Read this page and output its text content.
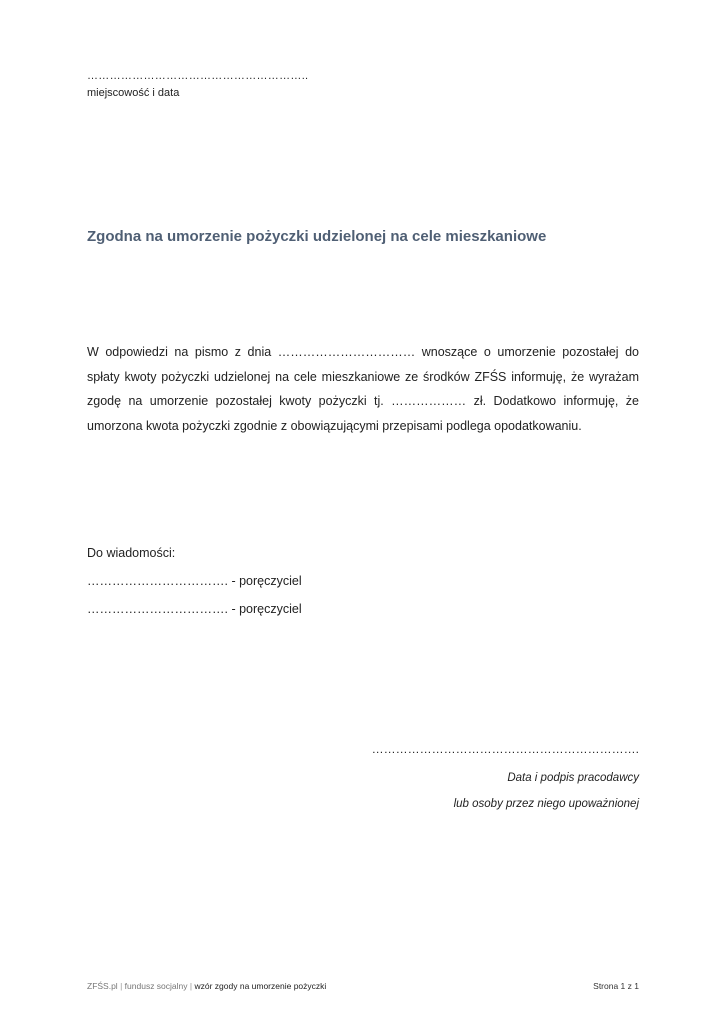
…………………………………………………..
miejscowość i data
Zgodna na umorzenie pożyczki udzielonej na cele mieszkaniowe

W odpowiedzi na pismo z dnia …………………………… wnoszące o umorzenie pozostałej do spłaty kwoty pożyczki udzielonej na cele mieszkaniowe ze środków ZFŚS informuję, że wyrażam zgodę na umorzenie pozostałej kwoty pożyczki tj. ……………… zł. Dodatkowo informuję, że umorzona kwota pożyczki zgodnie z obowiązującymi przepisami podlega opodatkowaniu.

Do wiadomości:
……………………………. - poręczyciel
……………………………. - poręczyciel
………………………………………………………….
Data i podpis pracodawcy
lub osoby przez niego upoważnionej
ZFŚS.pl | fundusz socjalny | wzór zgody na umorzenie pożyczki	Strona 1 z 1
